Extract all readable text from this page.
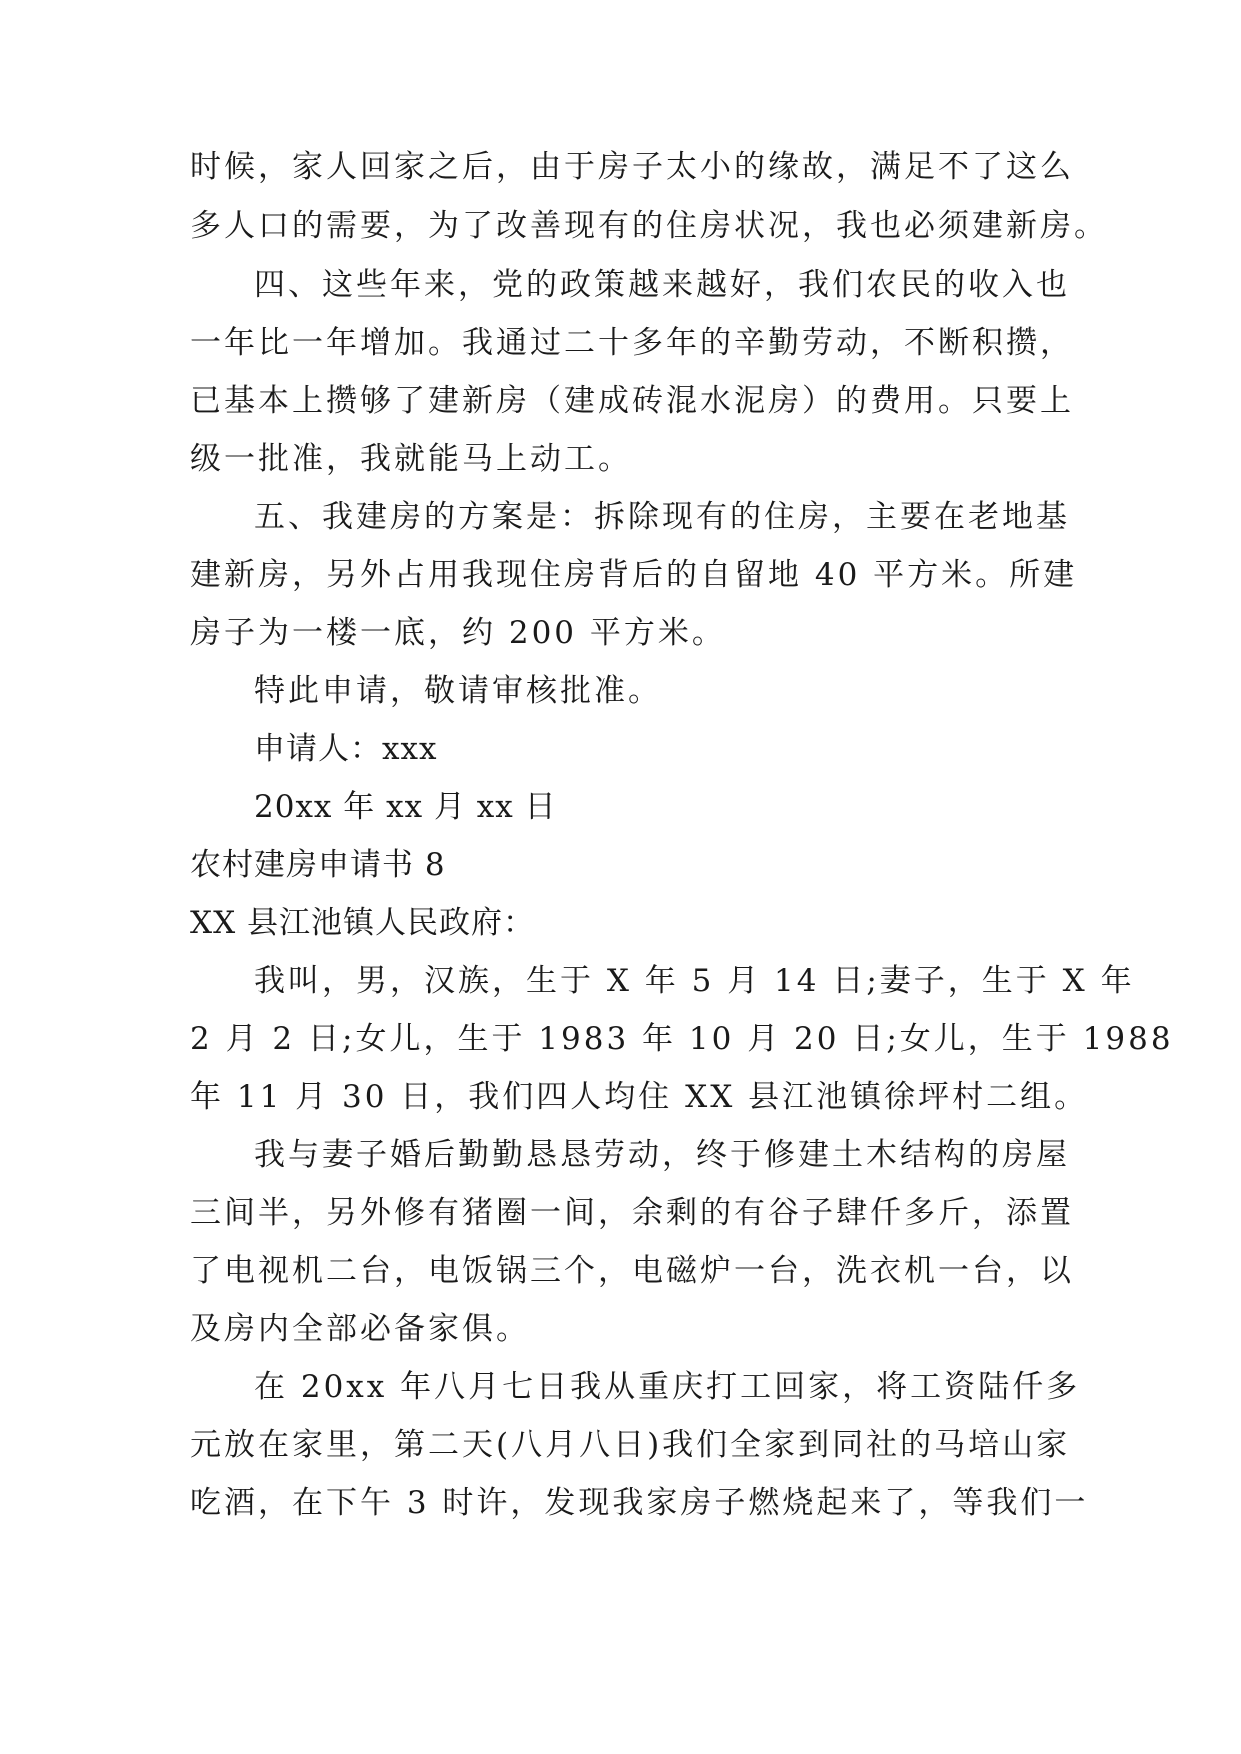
时候，家人回家之后，由于房子太小的缘故，满足不了这么
多人口的需要，为了改善现有的住房状况，我也必须建新房。
四、这些年来，党的政策越来越好，我们农民的收入也
一年比一年增加。我通过二十多年的辛勤劳动，不断积攒，
已基本上攒够了建新房（建成砖混水泥房）的费用。只要上
级一批准，我就能马上动工。
五、我建房的方案是：拆除现有的住房，主要在老地基
建新房，另外占用我现住房背后的自留地 40 平方米。所建
房子为一楼一底，约 200 平方米。
特此申请，敬请审核批准。
申请人：xxx
20xx 年 xx 月 xx 日
农村建房申请书 8
XX 县江池镇人民政府：
我叫，男，汉族，生于 X 年 5 月 14 日;妻子，生于 X 年
2 月 2 日;女儿，生于 1983 年 10 月 20 日;女儿，生于 1988
年 11 月 30 日，我们四人均住 XX 县江池镇徐坪村二组。
我与妻子婚后勤勤恳恳劳动，终于修建土木结构的房屋
三间半，另外修有猪圈一间，余剩的有谷子肆仟多斤，添置
了电视机二台，电饭锅三个，电磁炉一台，洗衣机一台，以
及房内全部必备家俱。
在 20xx 年八月七日我从重庆打工回家，将工资陆仟多
元放在家里，第二天(八月八日)我们全家到同社的马培山家
吃酒，在下午 3 时许，发现我家房子燃烧起来了，等我们一
